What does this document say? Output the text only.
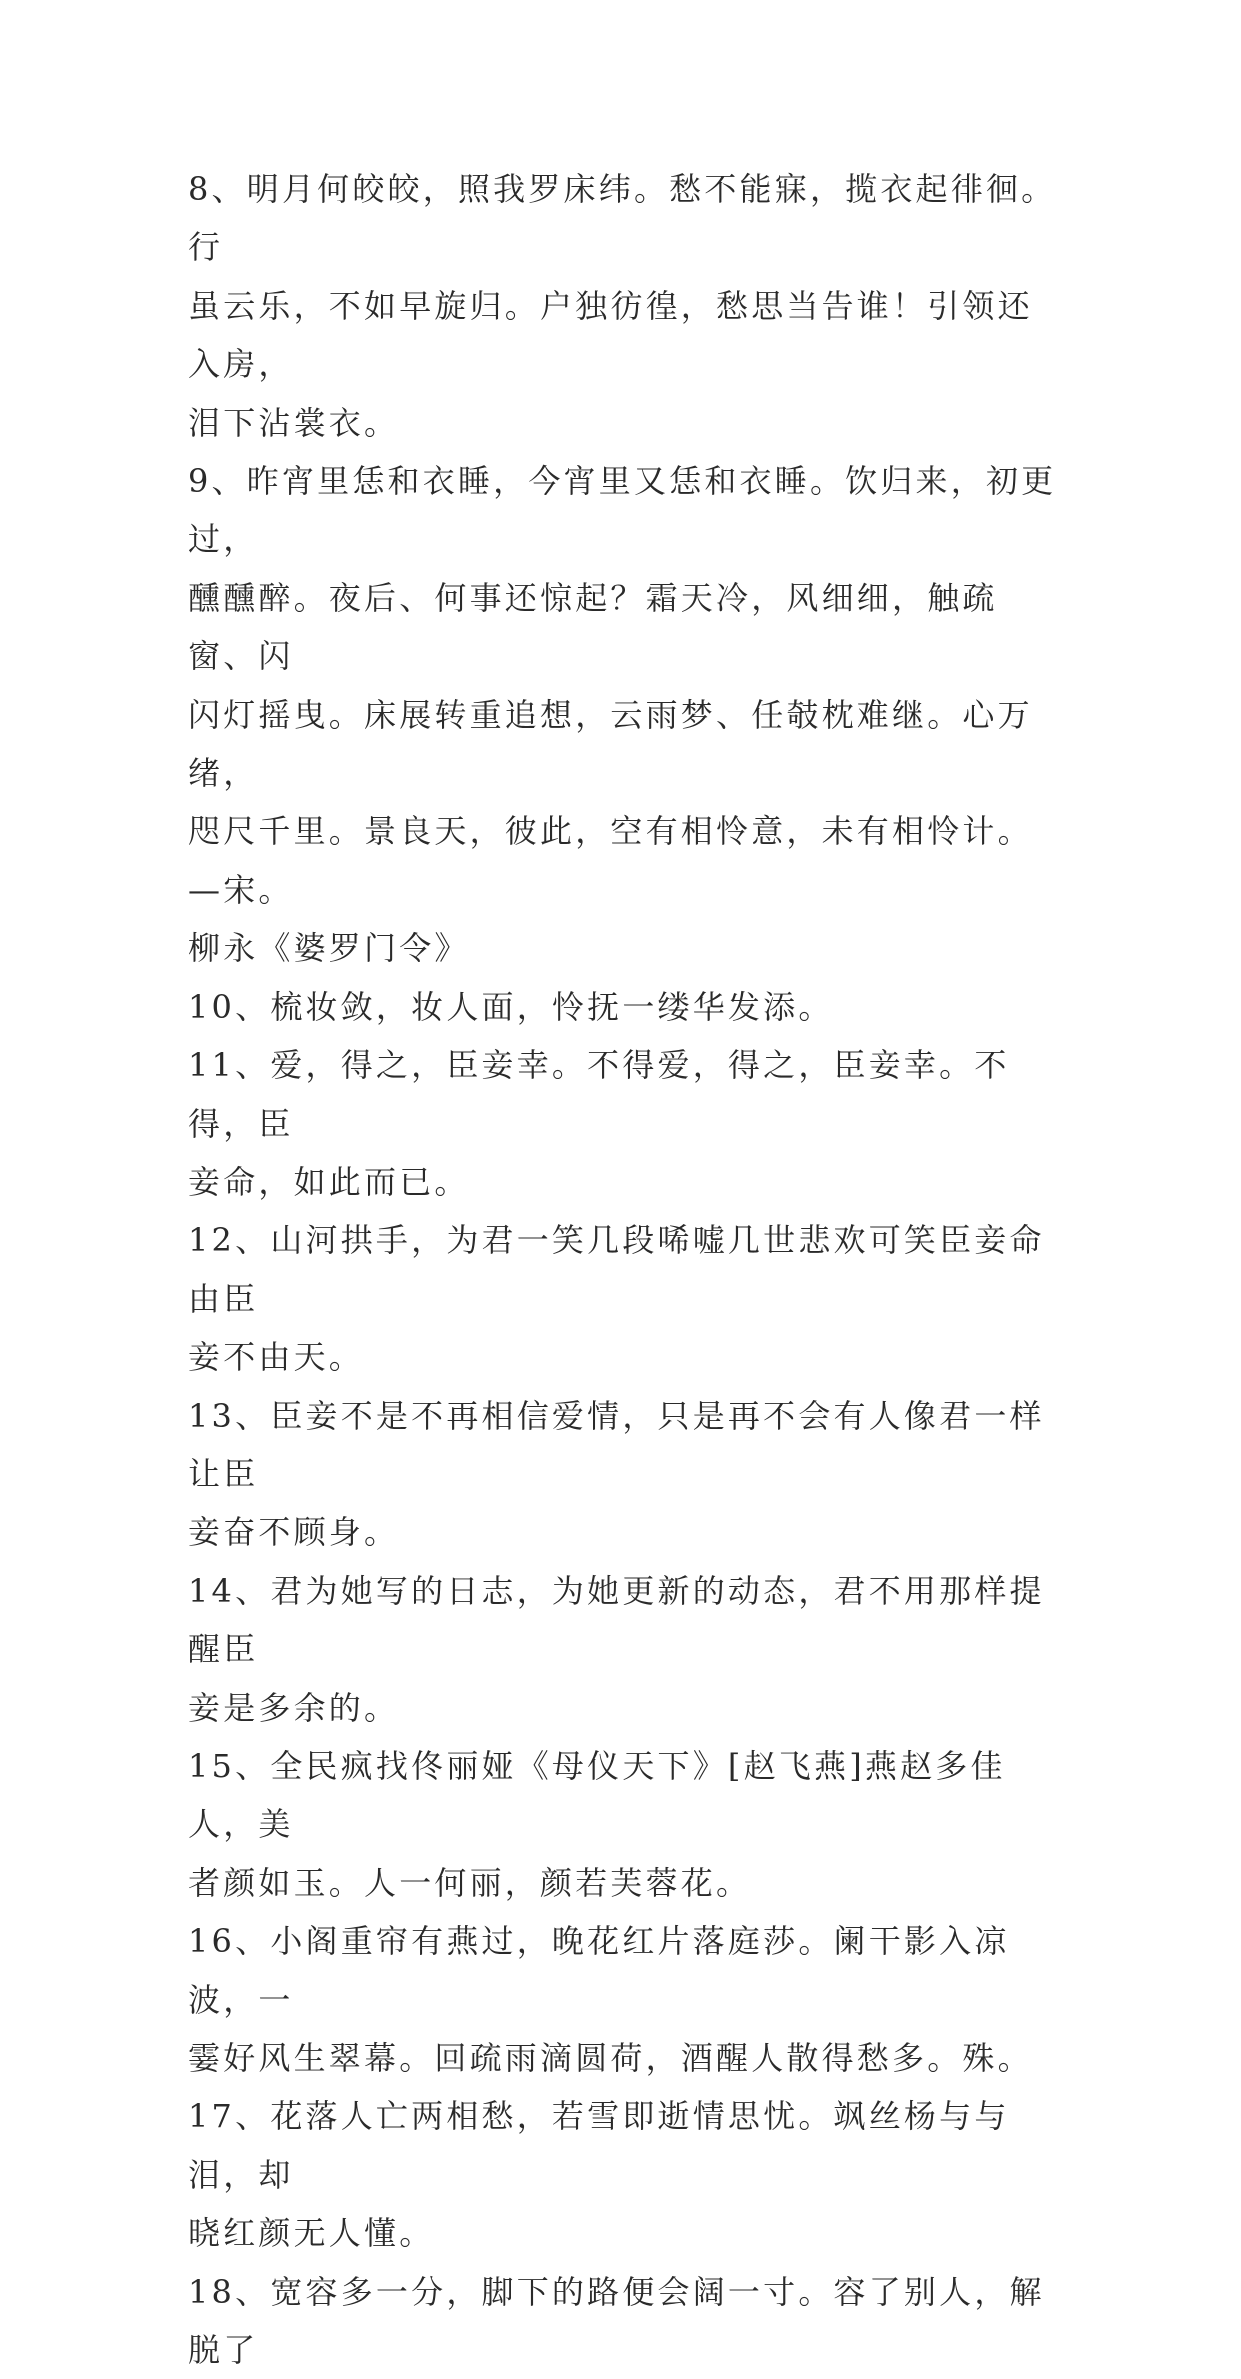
8、明月何皎皎，照我罗床纬。愁不能寐，揽衣起徘徊。行
虽云乐，不如早旋归。户独彷徨，愁思当告谁！引领还入房，
泪下沾裳衣。

9、昨宵里恁和衣睡，今宵里又恁和衣睡。饮归来，初更过，
醺醺醉。夜后、何事还惊起？霜天冷，风细细，触疏窗、闪
闪灯摇曳。床展转重追想，云雨梦、任攲枕难继。心万绪，
咫尺千里。景良天，彼此，空有相怜意，未有相怜计。—宋。
柳永《婆罗门令》

10、梳妆敛，妆人面，怜抚一缕华发添。

11、爱，得之，臣妾幸。不得爱，得之，臣妾幸。不得，臣
妾命，如此而已。

12、山河拱手，为君一笑几段唏嘘几世悲欢可笑臣妾命由臣
妾不由天。

13、臣妾不是不再相信爱情，只是再不会有人像君一样让臣
妾奋不顾身。

14、君为她写的日志，为她更新的动态，君不用那样提醒臣
妾是多余的。

15、全民疯找佟丽娅《母仪天下》[赵飞燕]燕赵多佳人，美
者颜如玉。人一何丽，颜若芙蓉花。

16、小阁重帘有燕过，晚花红片落庭莎。阑干影入凉波，一
霎好风生翠幕。回疏雨滴圆荷，酒醒人散得愁多。殊。

17、花落人亡两相愁，若雪即逝情思忧。飒丝杨与与泪，却
晓红颜无人懂。

18、宽容多一分，脚下的路便会阔一寸。容了别人，解脱了
